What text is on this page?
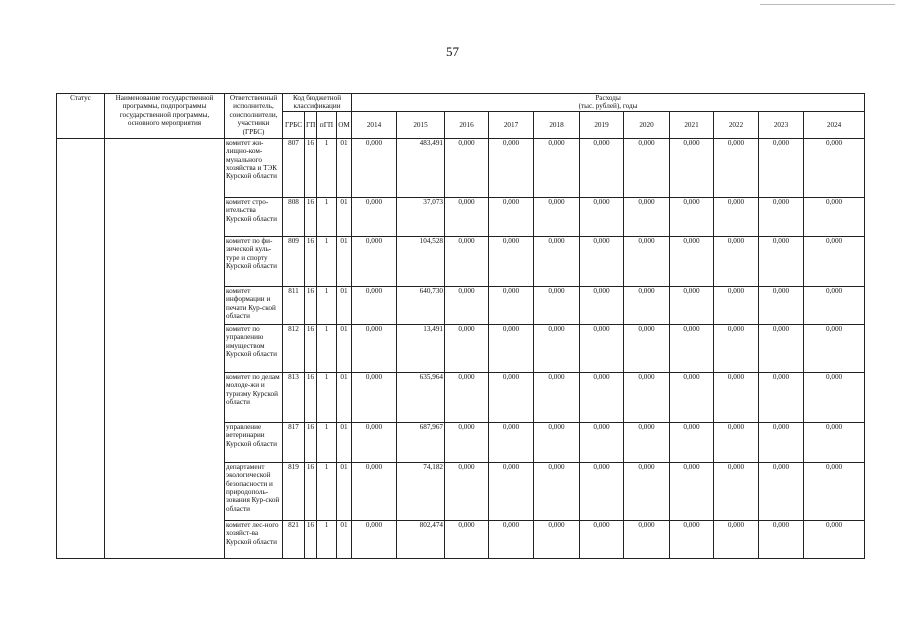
57
Статус	Наименование государственной программы, подпрограммы государственной программы, основного мероприятия	Ответственный исполнитель, соисполнители, участники (ГРБС)	Код бюджетной классификации				Расходы										

							(тыс. рублей), годы										
			ГРБС	ГП	пГП	ОМ	2014	2015	2016	2017	2018	2019	2020	2021	2022	2023	2024
		комитет жи-лищно-ком-мунального хозяйства и ТЭК Курской области	807	16	1	01	0,000	483,491	0,000	0,000	0,000	0,000	0,000	0,000	0,000	0,000	0,000
		комитет стро-ительства Курской области	808	16	1	01	0,000	37,073	0,000	0,000	0,000	0,000	0,000	0,000	0,000	0,000	0,000
		комитет по фи-зической куль-туре и спорту Курской области	809	16	1	01	0,000	104,528	0,000	0,000	0,000	0,000	0,000	0,000	0,000	0,000	0,000
		комитет информации и печати Кур-ской области	811	16	1	01	0,000	640,730	0,000	0,000	0,000	0,000	0,000	0,000	0,000	0,000	0,000
		комитет по управлению имуществом Курской области	812	16	1	01	0,000	13,491	0,000	0,000	0,000	0,000	0,000	0,000	0,000	0,000	0,000
		комитет по делам молоде-жи и туризму Курской области	813	16	1	01	0,000	635,964	0,000	0,000	0,000	0,000	0,000	0,000	0,000	0,000	0,000
		управление ветеринарии Курской области	817	16	1	01	0,000	687,967	0,000	0,000	0,000	0,000	0,000	0,000	0,000	0,000	0,000
		департамент экологической безопасности и природополь-зования Кур-ской области	819	16	1	01	0,000	74,182	0,000	0,000	0,000	0,000	0,000	0,000	0,000	0,000	0,000
		комитет лес-ного хозяйст-ва Курской области	821	16	1	01	0,000	802,474	0,000	0,000	0,000	0,000	0,000	0,000	0,000	0,000	0,000
